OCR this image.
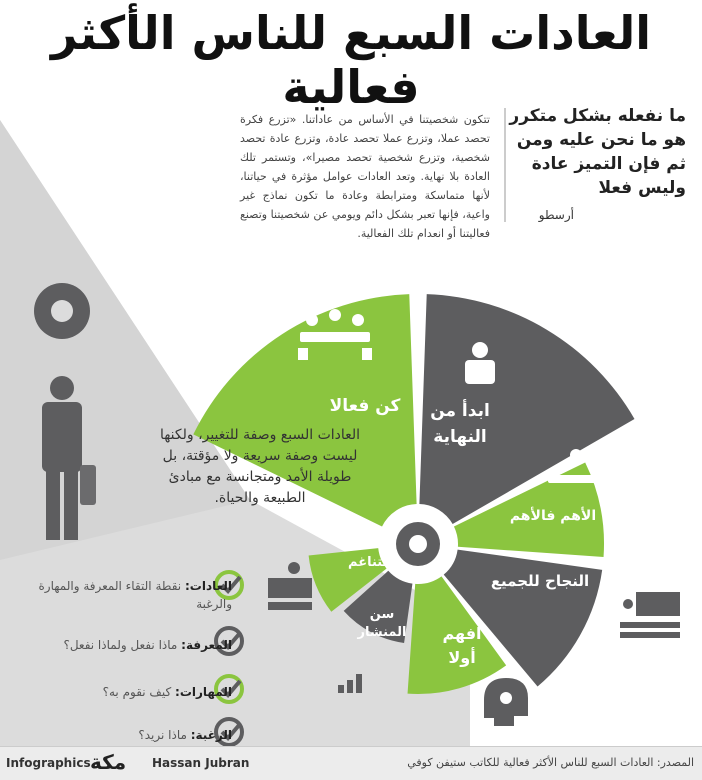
العادات السبع للناس الأكثر فعالية
ما نفعله بشكل متكرر هو ما نحن عليه ومن ثم فإن التميز عادة وليس فعلا
أرسطو
تتكون شخصيتنا في الأساس من عاداتنا. «تزرع فكرة تحصد عملا، وتزرع عملا تحصد عادة، وتزرع عادة تحصد شخصية، وتزرع شخصية تحصد مصيرا»، وتستمر تلك العادة بلا نهاية. وتعد العادات عوامل مؤثرة في حياتنا، لأنها متماسكة ومترابطة وعادة ما تكون نماذج غير واعية، فإنها تعبر بشكل دائم ويومي عن شخصيتنا وتصنع فعاليتنا أو انعدام تلك الفعالية.
العادات السبع وصفة للتغيير، ولكنها ليست وصفة سريعة ولا مؤقتة، بل طويلة الأمد ومتجانسة مع مبادئ الطبيعة والحياة.
كن فعالا	ابدأ من النهاية
الأهم فالأهم
النجاح للجميع
افهم أولا
سن المنشار
التناغم
العادات: نقطة التقاء المعرفة والمهارة والرغبة
المعرفة: ماذا نفعل ولماذا نفعل؟
المهارات: كيف نقوم به؟
الرغبة: ماذا نريد؟
Infographics مكة Hassan Jubran	المصدر: العادات السبع للناس الأكثر فعالية للكاتب ستيفن كوفي
